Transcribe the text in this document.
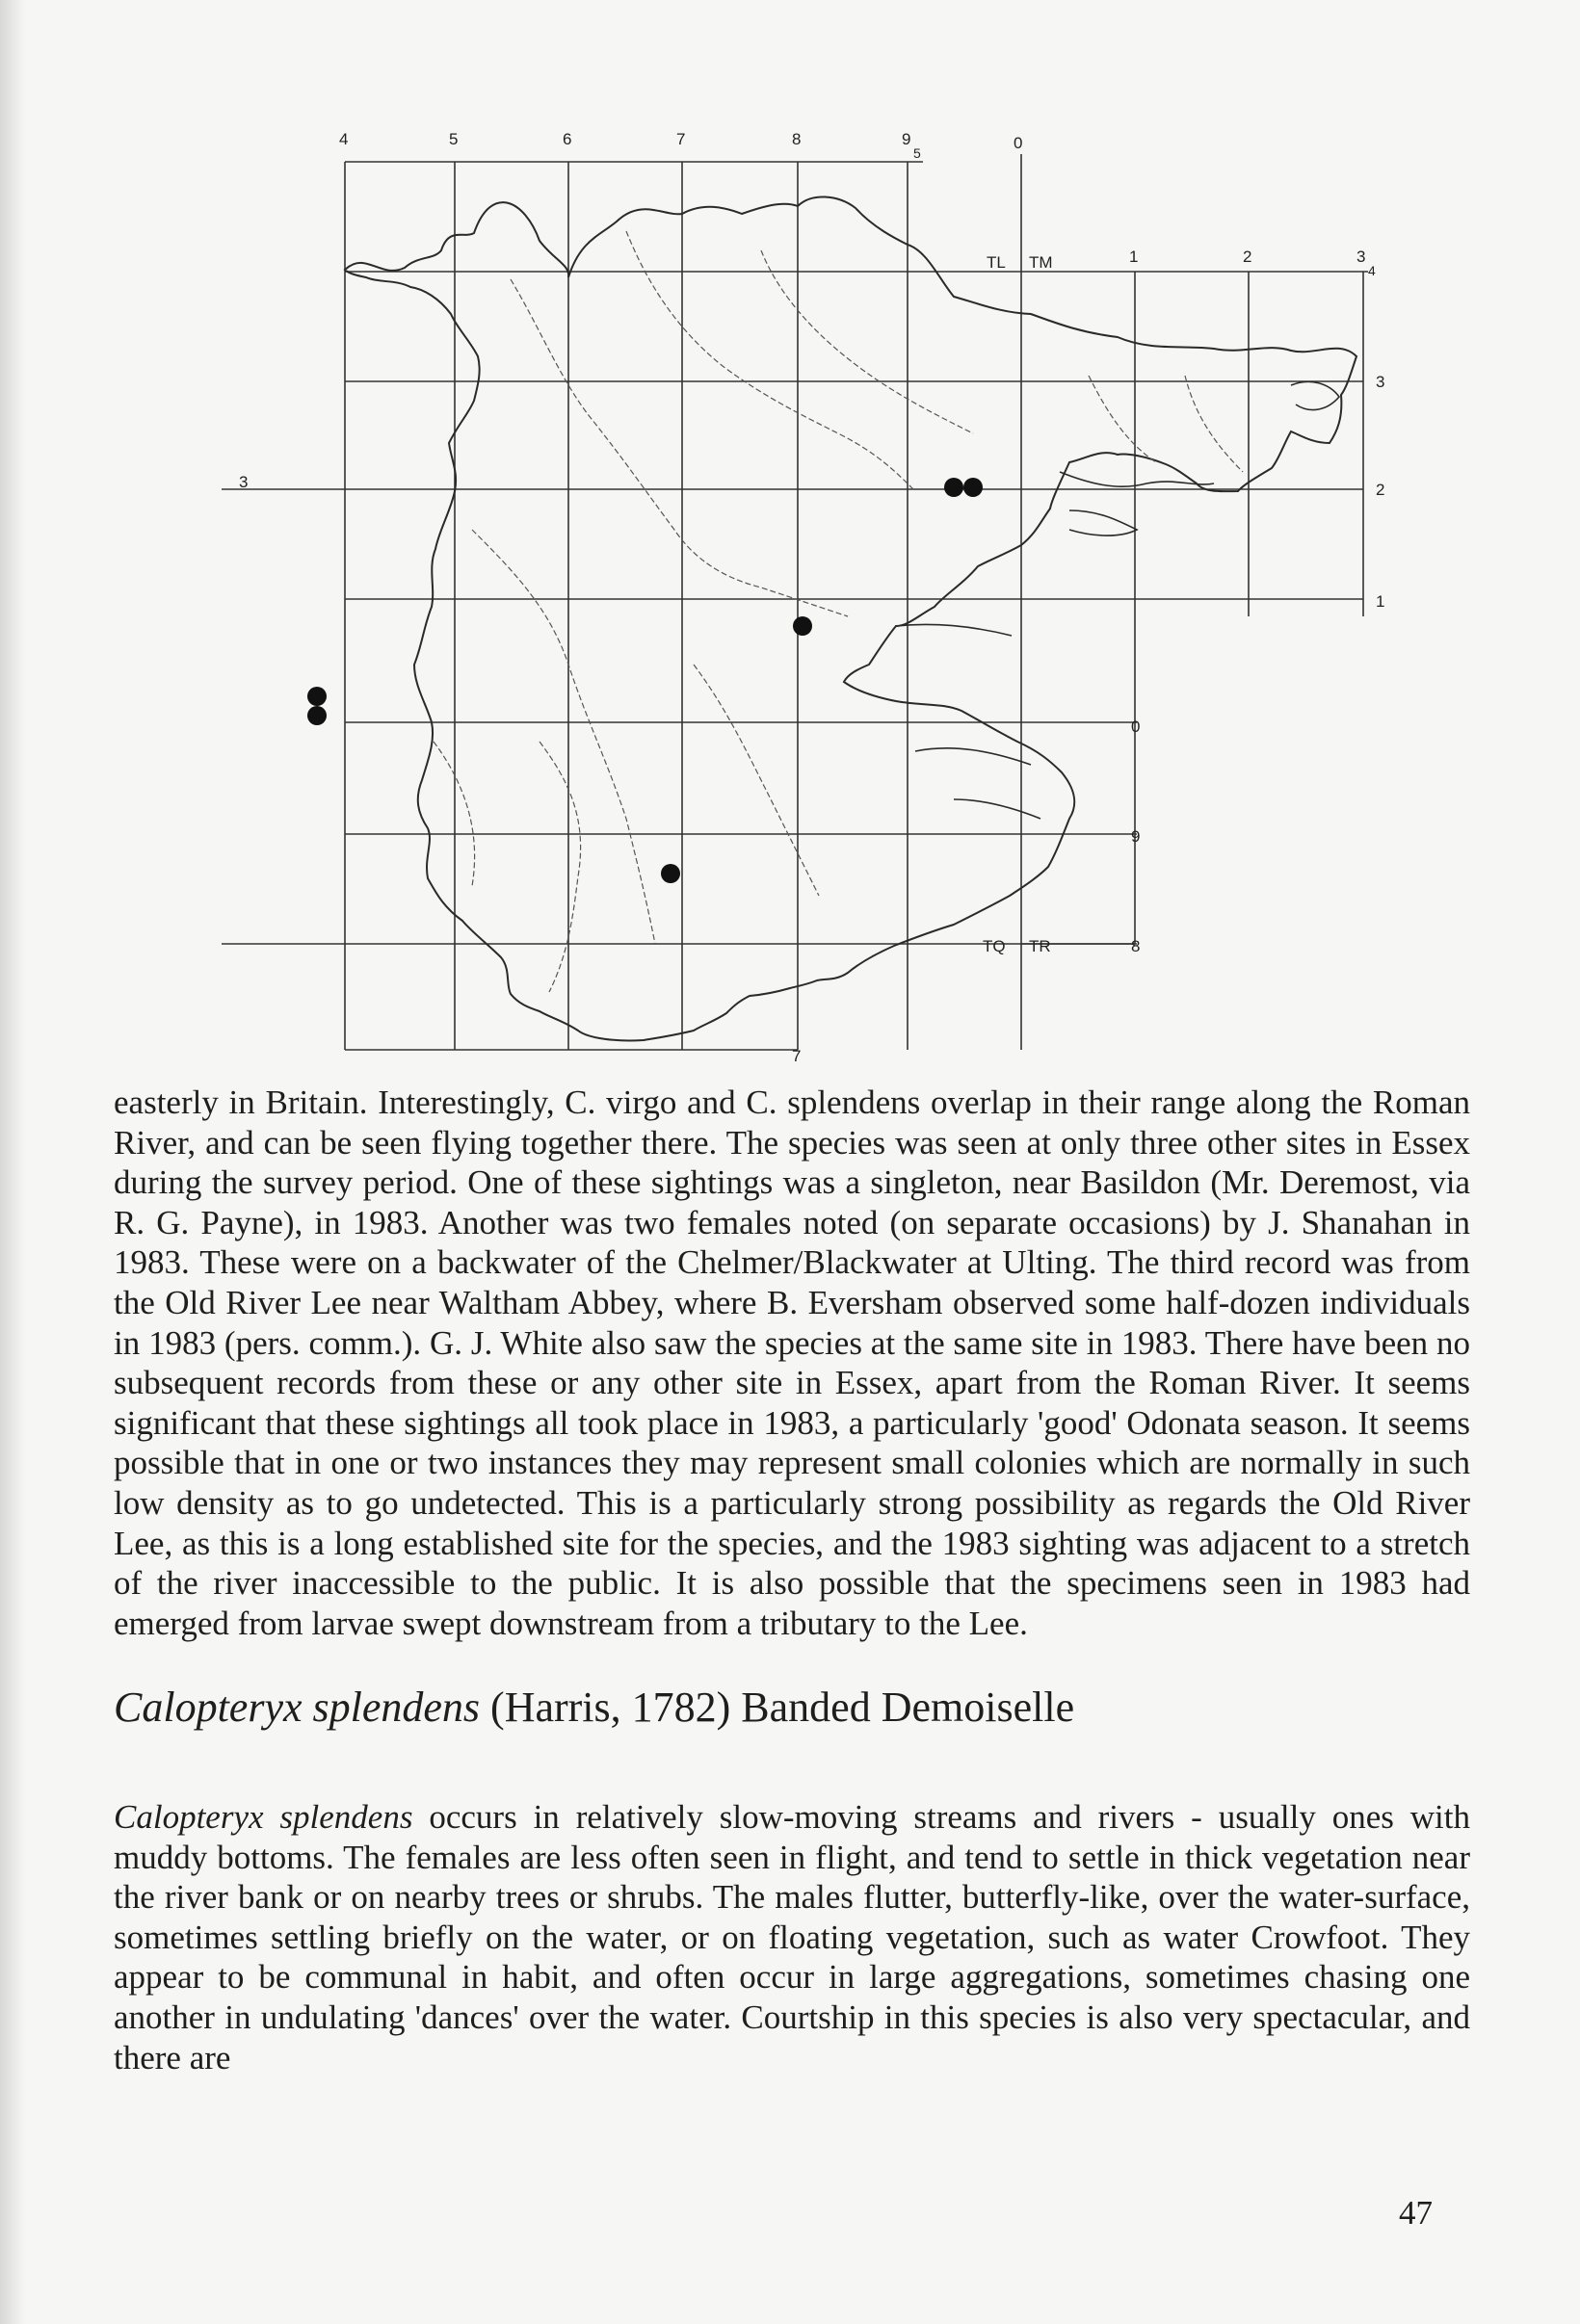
4	5	6	7	8	9
5
0
TL TM	1	2	3
4
3
2
1
0
9
8
3
TQ TR
7

easterly in Britain. Interestingly, C. virgo and C. splendens overlap in their range along the Roman River, and can be seen flying together there. The species was seen at only three other sites in Essex during the survey period. One of these sightings was a singleton, near Basildon (Mr. Deremost, via R. G. Payne), in 1983. Another was two females noted (on separate occasions) by J. Shanahan in 1983. These were on a backwater of the Chelmer/Blackwater at Ulting. The third record was from the Old River Lee near Waltham Abbey, where B. Eversham observed some half-dozen individuals in 1983 (pers. comm.). G. J. White also saw the species at the same site in 1983. There have been no subsequent records from these or any other site in Essex, apart from the Roman River. It seems significant that these sightings all took place in 1983, a particularly 'good' Odonata season. It seems possible that in one or two instances they may represent small colonies which are normally in such low density as to go undetected. This is a particularly strong possibility as regards the Old River Lee, as this is a long established site for the species, and the 1983 sighting was adjacent to a stretch of the river inaccessible to the public. It is also possible that the specimens seen in 1983 had emerged from larvae swept downstream from a tributary to the Lee.

Calopteryx splendens (Harris, 1782) Banded Demoiselle

Calopteryx splendens occurs in relatively slow-moving streams and rivers - usually ones with muddy bottoms. The females are less often seen in flight, and tend to settle in thick vegetation near the river bank or on nearby trees or shrubs. The males flutter, butterfly-like, over the water-surface, sometimes settling briefly on the water, or on floating vegetation, such as water Crowfoot. They appear to be communal in habit, and often occur in large aggregations, sometimes chasing one another in undulating 'dances' over the water. Courtship in this species is also very spectacular, and there are

47
